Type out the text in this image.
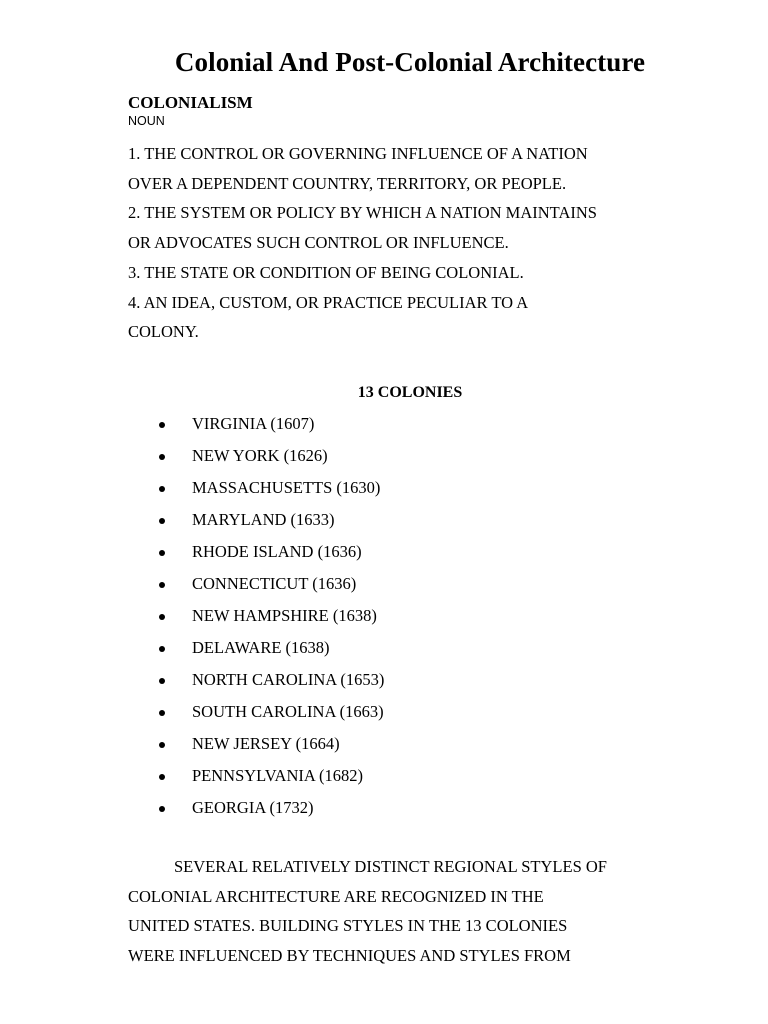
Colonial And Post-Colonial Architecture
COLONIALISM
NOUN

1. THE CONTROL OR GOVERNING INFLUENCE OF A NATION

OVER A DEPENDENT COUNTRY, TERRITORY, OR PEOPLE.

2. THE SYSTEM OR POLICY BY WHICH A NATION MAINTAINS

OR ADVOCATES SUCH CONTROL OR INFLUENCE.

3. THE STATE OR CONDITION OF BEING COLONIAL.

4. AN IDEA, CUSTOM, OR PRACTICE PECULIAR TO A

COLONY.

13 COLONIES
VIRGINIA (1607)
NEW YORK (1626)
MASSACHUSETTS (1630)
MARYLAND (1633)
RHODE ISLAND (1636)
CONNECTICUT (1636)
NEW HAMPSHIRE (1638)
DELAWARE (1638)
NORTH CAROLINA (1653)
SOUTH CAROLINA (1663)
NEW JERSEY (1664)
PENNSYLVANIA (1682)
GEORGIA (1732)
SEVERAL RELATIVELY DISTINCT REGIONAL STYLES OF
COLONIAL ARCHITECTURE ARE RECOGNIZED IN THE
UNITED STATES. BUILDING STYLES IN THE 13 COLONIES
WERE INFLUENCED BY TECHNIQUES AND STYLES FROM
